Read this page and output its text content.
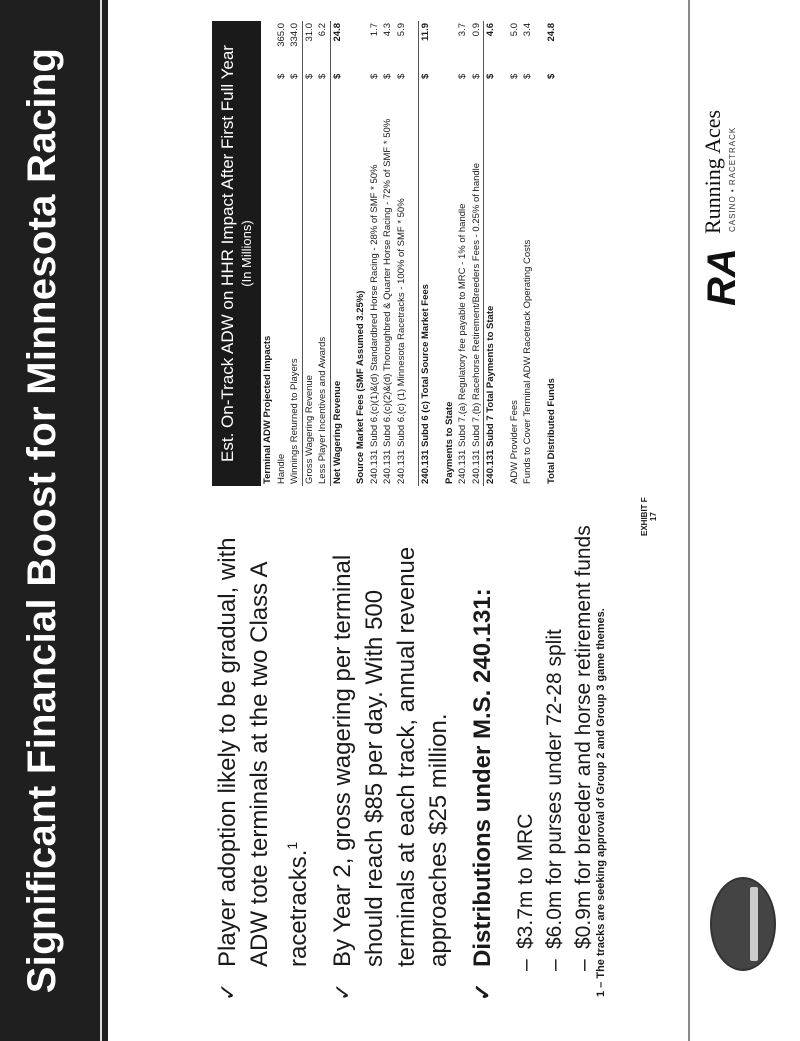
Significant Financial Boost for Minnesota Racing	✓
Player adoption likely to be gradual, with ADW tote terminals at the two Class A racetracks.$^1$
✓
By Year 2, gross wagering per terminal should reach $85 per day. With 500 terminals at each track, annual revenue approaches $25 million.
✓
Distributions under M.S. 240.131: –
$3.7m to MRC
–
$6.0m for purses under 72-28 split
–
$0.9m for breeder and horse retirement funds 1 – The tracks are seeking approval of Group 2 and Group 3 game themes.
Est. On-Track ADW on HHR Impact After First Full Year (In Millions)
Terminal ADW Projected Impacts		
Handle	$	365.0
Winnings Returned to Players	$	334.0
Gross Wagering Revenue	$	31.0
Less Player Incentives and Awards	$	6.2
Net Wagering Revenue	$	24.8

Source Market Fees (SMF Assumed 3.25%)		
240.131 Subd 6.(c)(1)&(d) Standardbred Horse Racing - 28% of SMF * 50%	$	1.7
240.131 Subd 6.(c)(2)&(d) Thoroughbred & Quarter Horse Racing - 72% of SMF * 50%	$	4.3
240.131 Subd 6.(c) (1) Minnesota Racetracks - 100% of SMF * 50%	$	5.9

240.131 Subd 6 (c) Total Source Market Fees	$	11.9

Payments to State		
240.131 Subd 7.(a) Regulatory fee payable to MRC - 1% of handle	$	3.7
240.131 Subd 7.(b) Racehorse Retirement/Breeders Fees - 0.25% of handle	$	0.9
240.131 Subd 7 Total Payments to State	$	4.6

ADW Provider Fees	$	5.0
Funds to Cover Terminal ADW Racetrack Operating Costs	$	3.4

Total Distributed Funds	$	24.8
EXHIBIT F 17
RA
Running Aces CASINO • RACETRACK
